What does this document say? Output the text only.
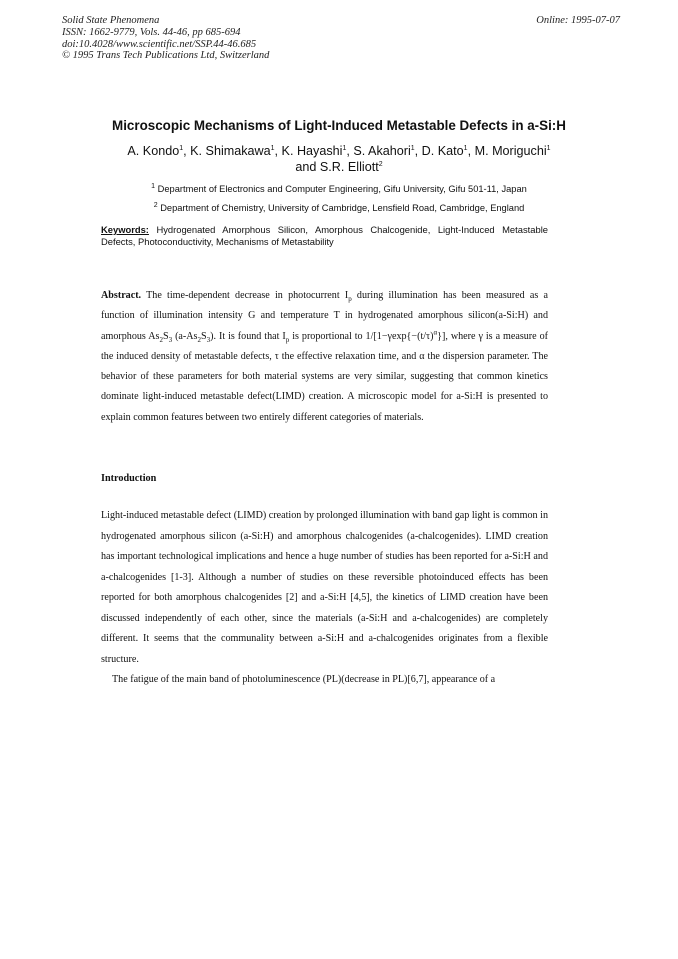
Solid State Phenomena
ISSN: 1662-9779, Vols. 44-46, pp 685-694
doi:10.4028/www.scientific.net/SSP.44-46.685
© 1995 Trans Tech Publications Ltd, Switzerland
Online: 1995-07-07
Microscopic Mechanisms of Light-Induced Metastable Defects in a-Si:H
A. Kondo$^1$, K. Shimakawa$^1$, K. Hayashi$^1$, S. Akahori$^1$, D. Kato$^1$, M. Moriguchi$^1$
and S.R. Elliott$^2$
$^1$ Department of Electronics and Computer Engineering, Gifu University, Gifu 501-11, Japan
$^2$ Department of Chemistry, University of Cambridge, Lensfield Road, Cambridge, England
Keywords: Hydrogenated Amorphous Silicon, Amorphous Chalcogenide, Light-Induced Metastable Defects, Photoconductivity, Mechanisms of Metastability
Abstract. The time-dependent decrease in photocurrent $I_p$ during illumination has been measured as a function of illumination intensity G and temperature T in hydrogenated amorphous silicon(a-Si:H) and amorphous $As_2S_3$ $(a-As_2S_3)$. It is found that $I_p$ is proportional to $1/[1-\gamma\exp\{-(t/\tau)^\alpha\}]$, where γ is a measure of the induced density of metastable defects, τ the effective relaxation time, and α the dispersion parameter. The behavior of these parameters for both material systems are very similar, suggesting that common kinetics dominate light-induced metastable defect(LIMD) creation. A microscopic model for a-Si:H is presented to explain common features between two entirely different categories of materials.
Introduction

Light-induced metastable defect (LIMD) creation by prolonged illumination with band gap light is common in hydrogenated amorphous silicon (a-Si:H) and amorphous chalcogenides (a-chalcogenides). LIMD creation has important technological implications and hence a huge number of studies has been reported for a-Si:H and a-chalcogenides [1-3]. Although a number of studies on these reversible photoinduced effects has been reported for both amorphous chalcogenides [2] and a-Si:H [4,5], the kinetics of LIMD creation have been discussed independently of each other, since the materials (a-Si:H and a-chalcogenides) are completely different. It seems that the communality between a-Si:H and a-chalcogenides originates from a flexible structure.

The fatigue of the main band of photoluminescence (PL)(decrease in PL)[6,7], appearance of a
